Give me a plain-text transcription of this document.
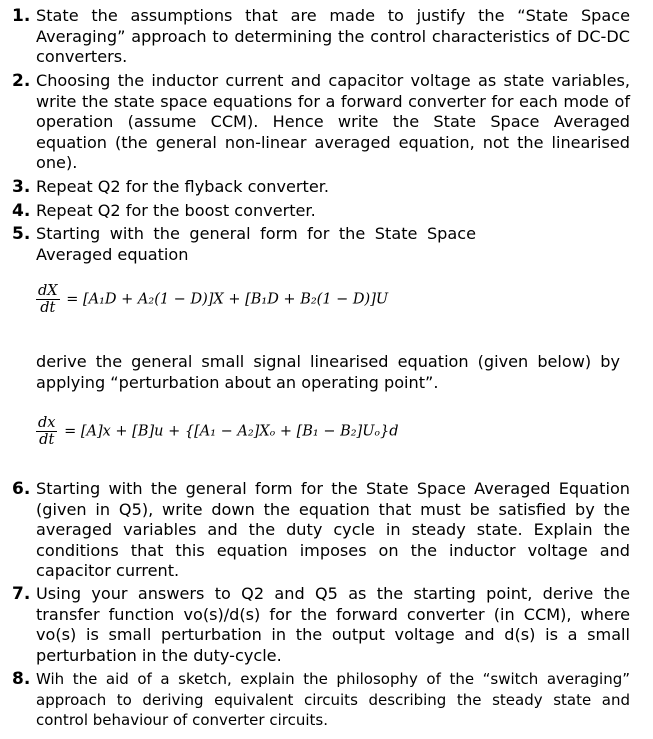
1. State the assumptions that are made to justify the “State Space Averaging” approach to determining the control characteristics of DC-DC converters.
2. Choosing the inductor current and capacitor voltage as state variables, write the state space equations for a forward converter for each mode of operation (assume CCM). Hence write the State Space Averaged equation (the general non-linear averaged equation, not the linearised one).
3. Repeat Q2 for the flyback converter.
4. Repeat Q2 for the boost converter.
5. Starting with the general form for the State Space Averaged equation
$\frac{dX}{dt} = [A_1D + A_2(1 - D)]X + [B_1D + B_2(1 - D)]U$
derive the general small signal linearised equation (given below) by applying “perturbation about an operating point”.
$\frac{dx}{dt} = [A]x + [B]u + \{[A_1 - A_2]X_o + [B_1 - B_2]U_o\}d$
6. Starting with the general form for the State Space Averaged Equation (given in Q5), write down the equation that must be satisfied by the averaged variables and the duty cycle in steady state. Explain the conditions that this equation imposes on the inductor voltage and capacitor current.
7. Using your answers to Q2 and Q5 as the starting point, derive the transfer function vo(s)/d(s) for the forward converter (in CCM), where vo(s) is small perturbation in the output voltage and d(s) is a small perturbation in the duty-cycle.
8. Wih the aid of a sketch, explain the philosophy of the “switch averaging” approach to deriving equivalent circuits describing the steady state and control behaviour of converter circuits.
